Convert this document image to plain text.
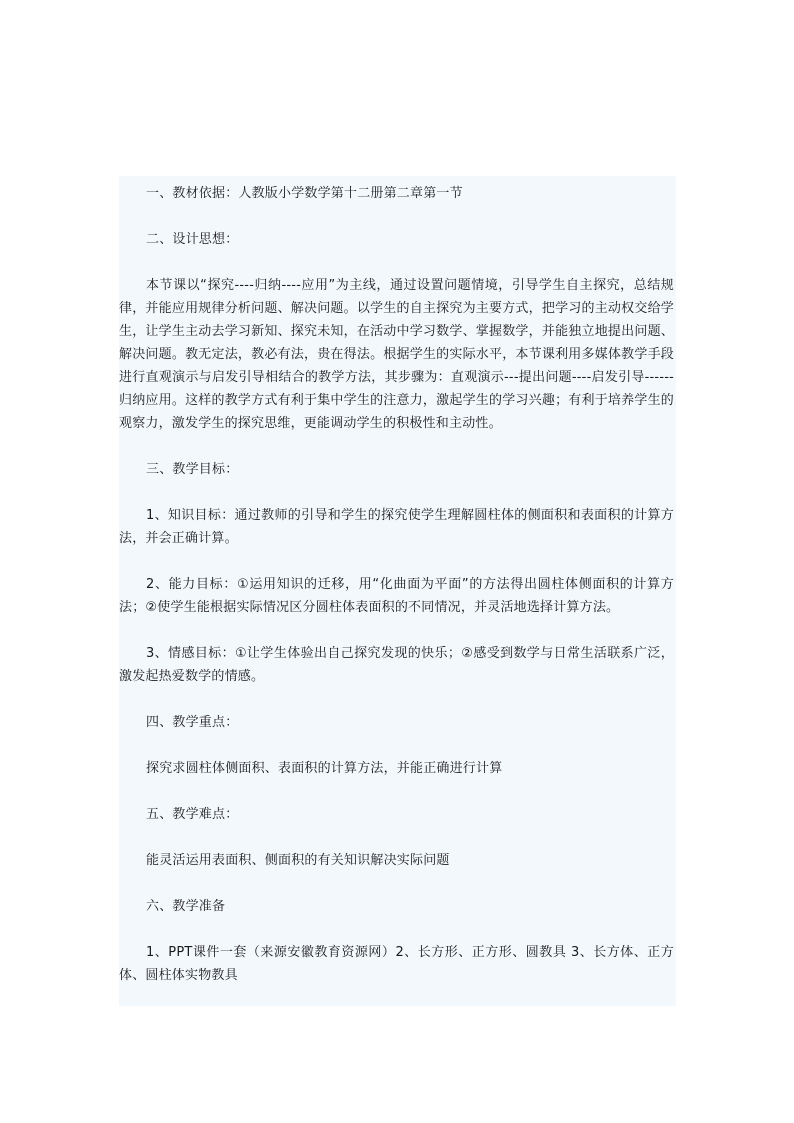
一、教材依据：人教版小学数学第十二册第二章第一节

二、设计思想：

本节课以“探究----归纳----应用”为主线，通过设置问题情境，引导学生自主探究，总结规律，并能应用规律分析问题、解决问题。以学生的自主探究为主要方式，把学习的主动权交给学生，让学生主动去学习新知、探究未知，在活动中学习数学、掌握数学，并能独立地提出问题、解决问题。教无定法，教必有法，贵在得法。根据学生的实际水平，本节课利用多媒体教学手段进行直观演示与启发引导相结合的教学方法，其步骤为：直观演示---提出问题----启发引导------归纳应用。这样的教学方式有利于集中学生的注意力，激起学生的学习兴趣；有利于培养学生的观察力，激发学生的探究思维，更能调动学生的积极性和主动性。

三、教学目标：

1、知识目标：通过教师的引导和学生的探究使学生理解圆柱体的侧面积和表面积的计算方法，并会正确计算。

2、能力目标：①运用知识的迁移，用“化曲面为平面”的方法得出圆柱体侧面积的计算方法；②使学生能根据实际情况区分圆柱体表面积的不同情况，并灵活地选择计算方法。

3、情感目标：①让学生体验出自己探究发现的快乐；②感受到数学与日常生活联系广泛，激发起热爱数学的情感。

四、教学重点：

探究求圆柱体侧面积、表面积的计算方法，并能正确进行计算

五、教学难点：

能灵活运用表面积、侧面积的有关知识解决实际问题

六、教学准备

1、PPT课件一套（来源安徽教育资源网）2、长方形、正方形、圆教具 3、长方体、正方体、圆柱体实物教具
